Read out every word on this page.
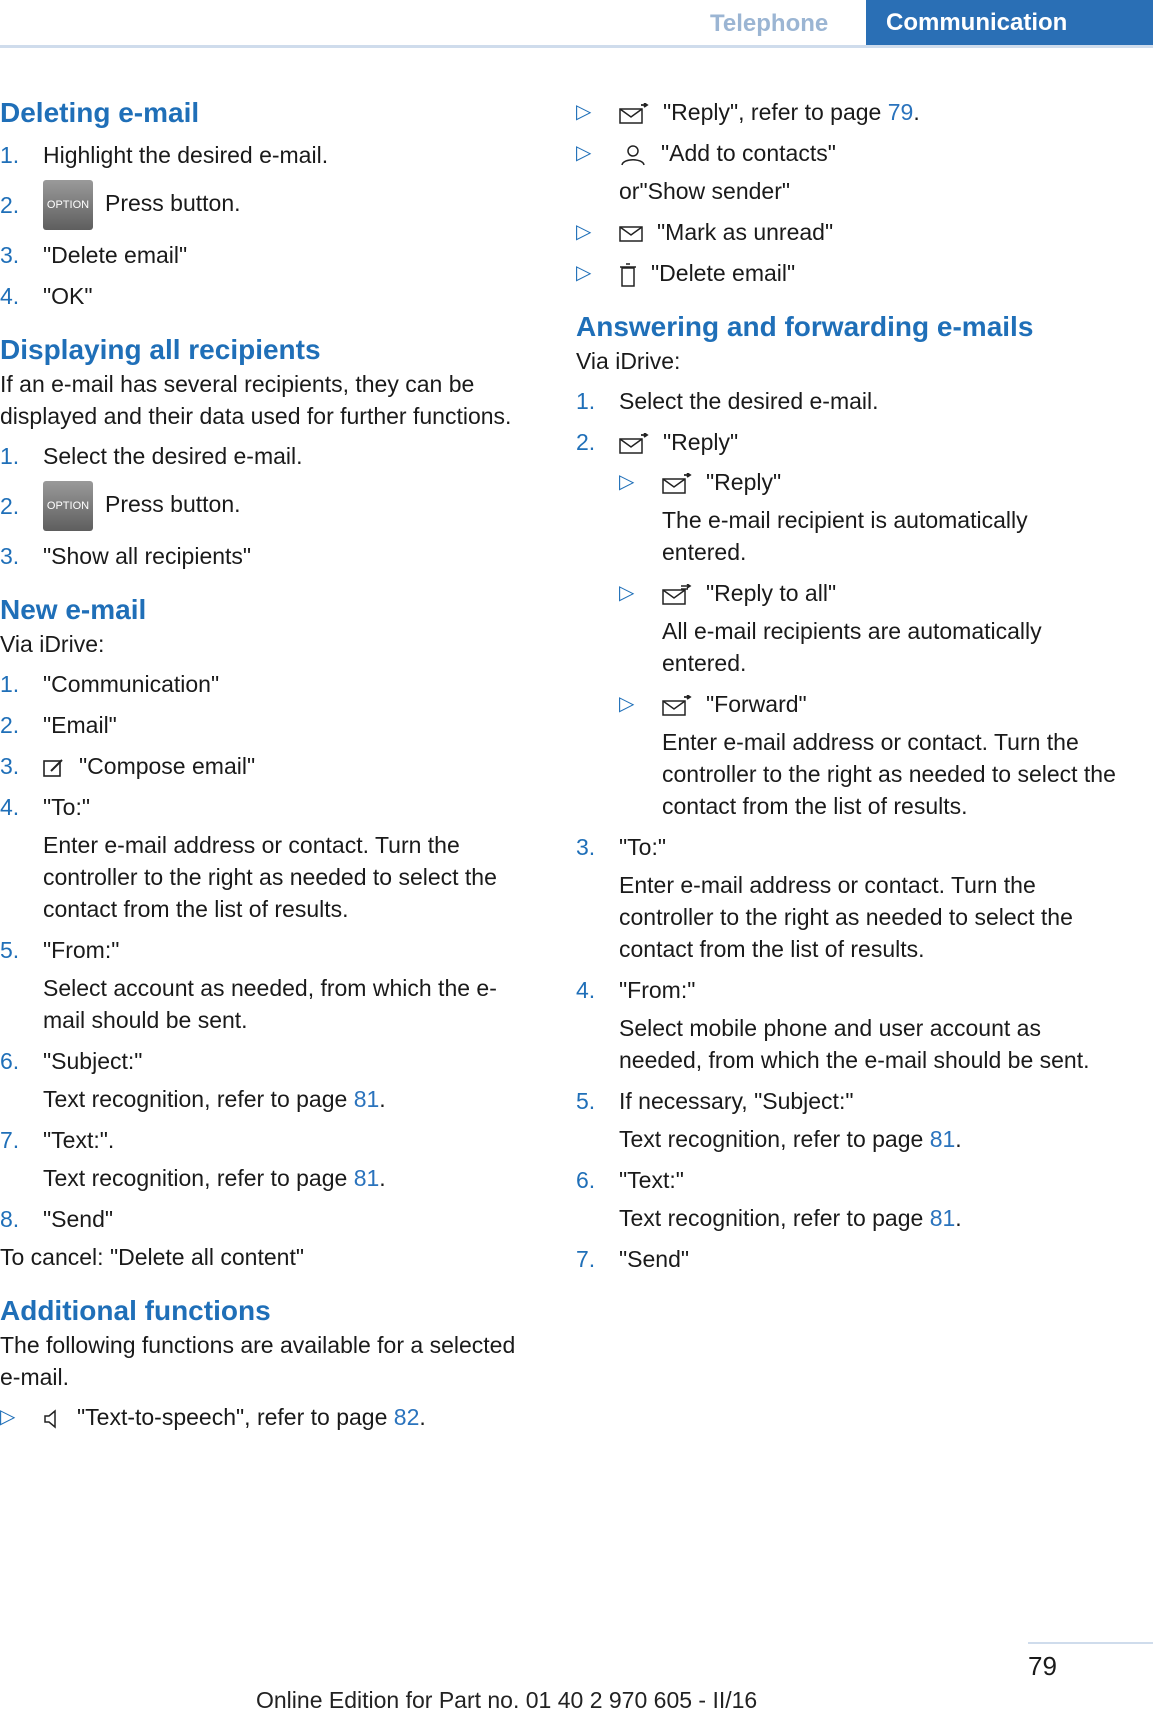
Telephone	Communication
Deleting e-mail
1.	Highlight the desired e-mail.
2.	OPTION Press button.
3.	"Delete email"
4.	"OK"
Displaying all recipients

If an e-mail has several recipients, they can be displayed and their data used for further functions.

1.	Select the desired e-mail.
2.	OPTION Press button.
3.	"Show all recipients"
New e-mail

Via iDrive:

1.	"Communication"
2.	"Email"
3.	"Compose email"
4.	"To:"

Enter e-mail address or contact. Turn the controller to the right as needed to select the contact from the list of results.

5.	"From:"

Select account as needed, from which the e-mail should be sent.

6.	"Subject:"

Text recognition, refer to page 81.

7.	"Text:".

Text recognition, refer to page 81.

8.	"Send"

To cancel: "Delete all content"

Additional functions

The following functions are available for a selected e-mail.

▷	"Text-to-speech", refer to page 82.
▷	"Reply", refer to page 79.
▷	"Add to contacts"

or"Show sender"

▷	"Mark as unread"
▷	"Delete email"
Answering and forwarding e-mails

Via iDrive:

1.	Select the desired e-mail.
2.	"Reply"
▷	"Reply"

The e-mail recipient is automatically entered.

▷	"Reply to all"

All e-mail recipients are automatically entered.

▷	"Forward"

Enter e-mail address or contact. Turn the controller to the right as needed to select the contact from the list of results.

3.	"To:"

Enter e-mail address or contact. Turn the controller to the right as needed to select the contact from the list of results.

4.	"From:"

Select mobile phone and user account as needed, from which the e-mail should be sent.

5.	If necessary, "Subject:"

Text recognition, refer to page 81.

6.	"Text:"

Text recognition, refer to page 81.

7.	"Send"
79
Online Edition for Part no. 01 40 2 970 605 - II/16
